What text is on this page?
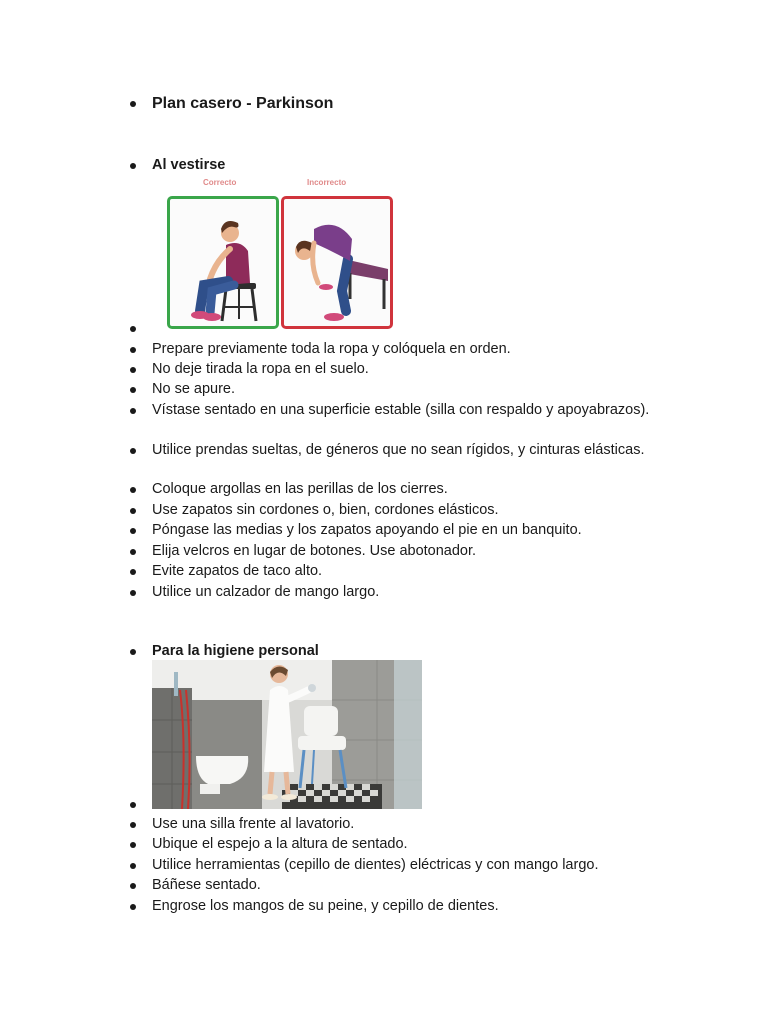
Plan casero - Parkinson
Al vestirse
Correcto	Incorrecto
Prepare previamente toda la ropa y colóquela en orden.
No deje tirada la ropa en el suelo.
No se apure.
Vístase sentado en una superficie estable (silla con respaldo y apoyabrazos).
Utilice prendas sueltas, de géneros que no sean rígidos, y cinturas elásticas.
Coloque argollas en las perillas de los cierres.
Use zapatos sin cordones o, bien, cordones elásticos.
Póngase las medias y los zapatos apoyando el pie en un banquito.
Elija velcros en lugar de botones. Use abotonador.
Evite zapatos de taco alto.
Utilice un calzador de mango largo.
Para la higiene personal
Use una silla frente al lavatorio.
Ubique el espejo a la altura de sentado.
Utilice herramientas (cepillo de dientes) eléctricas y con mango largo.
Báñese sentado.
Engrose los mangos de su peine, y cepillo de dientes.
